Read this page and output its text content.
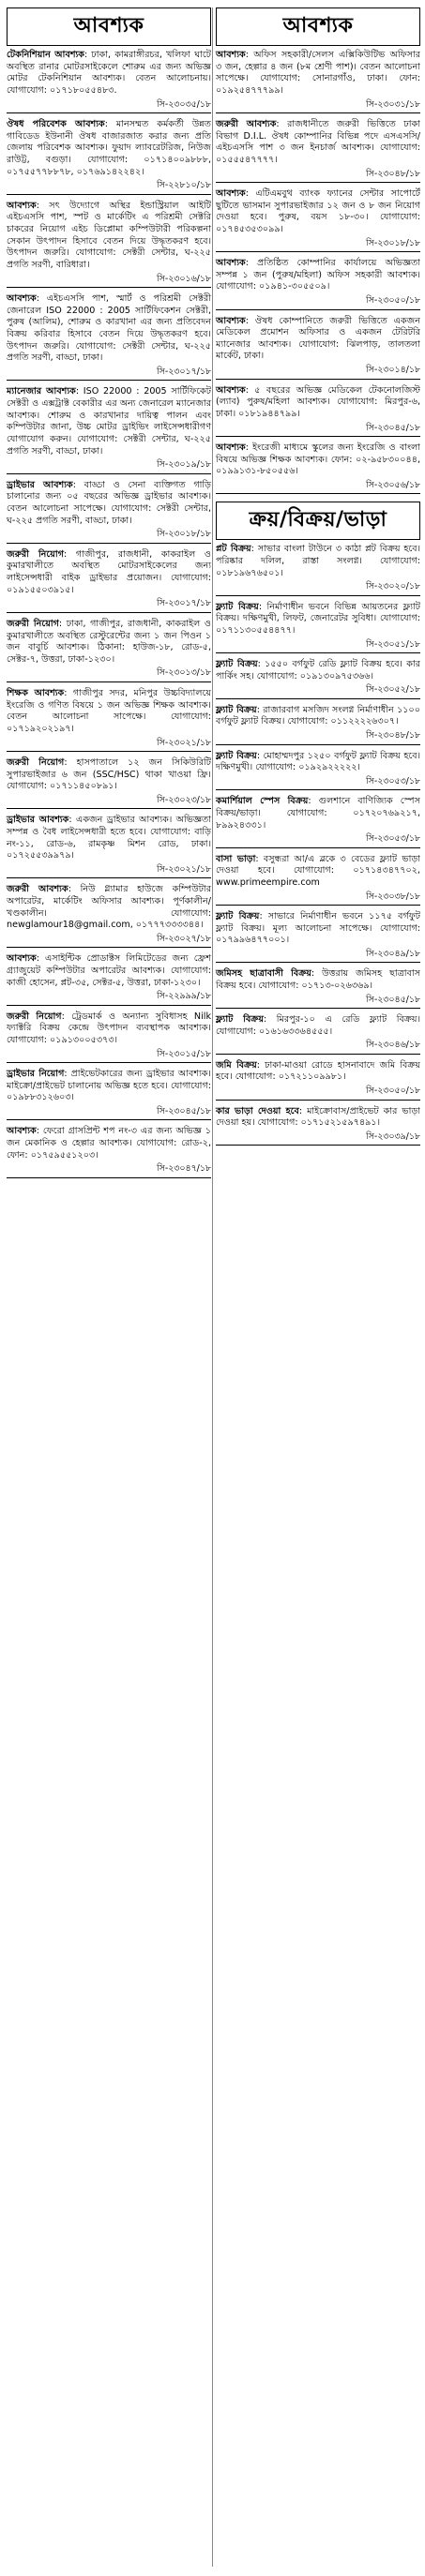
আবশ্যক

টেকনিশিয়ান আবশ্যক: ঢাকা, কামরাঙ্গীরচর, খলিফা ঘাটে অবস্থিত রানার মোটরসাইকেলে শোরুম এর জন্য অভিজ্ঞ মোটর টেকনিশিয়ান আবশ্যক। বেতন আলোচনায়। যোগাযোগ: ০১৭১৮০৫৫৪৮৩.

সি-২৩০৩৫/১৮

ঔষধ পরিবেশক আবশ্যক: মানসম্মত কর্মকর্তী উন্নত গাবিডেড ইউনানী ঔষধ বাজারজাত করার জন্য প্রতি জেলায় পরিবেশক আবশ্যক। ফুয়াদ ল্যাবরেটরিজ, নিউজ রাউট্ট, বগুড়া। যোগাযোগ: ০১৭১৪০০৯৮৮৮, ০১৭৫৫৭৭৮৮৭৮, ০১৭৬৯১৪২২৪২।

সি-২২৮১০/১৮

আবশ্যক: সৎ উদ্যোগে অস্থির ইন্ডাস্ট্রিয়াল আইটি এইচএসসি পাশ, স্পট ও মার্কেটিং এ পরিশ্রমী সেক্টরি চাকরের নিয়োগ এইচ ডিপ্লোমা কম্পিউটারী পরিকল্পনা সেকান উৎপাদন হিসাবে বেতন দিয়ে উদ্ধৃতকরণ হবে। উৎপাদন জরুরি। যোগাযোগ: সেক্টরী সেন্টার, ঘ-২২৫ প্রগতি সরণী, বারিধারা।

সি-২৩০১৬/১৮

আবশ্যক: এইচএসসি পাশ, স্মার্ট ও পরিশ্রমী সেক্টরী জেনারেল ISO 22000 : 2005 সার্টিফিকেশন সেক্টরী, পুরুষ (আলিম), শোরুম ও কারখানা এর জন্য প্রতিবেদন বিক্রয় করিবার হিসাবে বেতন দিয়ে উদ্ধৃতকরণ হবে। উৎপাদন জরুরি। যোগাযোগ: সেক্টরী সেন্টার, ঘ-২২৫ প্রগতি সরণী, বাড্ডা, ঢাকা।

সি-২৩০১৭/১৮

ম্যানেজার আবশ্যক: ISO 22000 : 2005 সার্টিফিকেট সেক্টরী ও এক্সট্রাক্ট বেকারীর এর অন্য জেনারেল ম্যানেজার আবশ্যক। শোরুম ও কারখানার দায়িত্ব পালন এবং কম্পিউটার জানা, উচ্চ মোটর ড্রাইভিং লাইসেন্সধারীগণ যোগাযোগ করুন। যোগাযোগ: সেক্টরী সেন্টার, ঘ-২২৫ প্রগতি সরণী, বাড্ডা, ঢাকা।

সি-২৩০১৯/১৮

ড্রাইভার আবশ্যক: বাড্ডা ও সেনা ব্যক্তিগত গাড়ি চালানোর জন্য ০৫ বছরের অভিজ্ঞ ড্রাইভার আবশ্যক। বেতন আলোচনা সাপেক্ষে। যোগাযোগ: সেক্টরী সেন্টার, ঘ-২২৫ প্রগতি সরণী, বাড্ডা, ঢাকা।

সি-২৩০১৮/১৮

জরুরী নিয়োগ: গাজীপুর, রাজধানী, কাকরাইল ও কুমারখালীতে অবস্থিত মোটরসাইকেলের জন্য লাইসেন্সধারী বাইক ড্রাইভার প্রয়োজন। যোগাযোগ: ০১৯১৫৫০৩৯১৫।

সি-২৩০১৭/১৮

জরুরী নিয়োগ: ঢাকা, গাজীপুর, রাজধানী, কাকরাইল ও কুমারখালীতে অবস্থিত রেস্টুরেন্টের জন্য ১ জন পিওন ১ জন বাবুর্চি আবশ্যক। ঠিকানা: হাউজ-১৮, রোড-৫, সেক্টর-৭, উত্তরা, ঢাকা-১২৩০।

সি-২৩০১৩/১৮

শিক্ষক আবশ্যক: গাজীপুর সদর, মনিপুর উচ্চবিদ্যালয়ে ইংরেজি ও গণিত বিষয়ে ১ জন অভিজ্ঞ শিক্ষক আবশ্যক। বেতন আলোচনা সাপেক্ষে। যোগাযোগ: ০১৭১৯২০২১৯৭।

সি-২৩০২১/১৮

জরুরী নিয়োগ: হাসপাতালে ১২ জন সিকিউরিটি সুপারভাইজার ৬ জন (SSC/HSC) থাকা খাওয়া ফ্রি। যোগাযোগ: ০১৭১১৪৫০৮৯১।

সি-২৩০২৩/১৮

ড্রাইভার আবশ্যক: একজন ড্রাইভার আবশ্যক। অভিজ্ঞতা সম্পন্ন ও বৈধ লাইসেন্সধারী হতে হবে। যোগাযোগ: বাড়ি নং-১১, রোড-৬, রামকৃষ্ণ মিশন রোড, ঢাকা। ০১৭২৫৫৩৯৯৭৯।

সি-২৩০২১/১৮

জরুরী আবশ্যক: নিউ গ্ল্যামার হাউজে কম্পিউটার অপারেটর, মার্কেটিং অফিসার আবশ্যক। পূর্ণকালীন/খণ্ডকালীন। যোগাযোগ: newglamour18@gmail.com, ০১৭৭৭৩৩৩৩৪৪।

সি-২৩০২৭/১৮

আবশ্যক: এসাইন্টিক প্রোডাক্টস লিমিটেডের জন্য ফ্রেশ গ্র্যাজুয়েট কম্পিউটার অপারেটর আবশ্যক। যোগাযোগ: কাজী হোসেন, প্লট-৩৫, সেক্টর-৫, উত্তরা, ঢাকা-১২৩০।

সি-২২৯৯৯/১৮

জরুরী নিয়োগ: ট্রেডমার্ক ও অন্যান্য সুবিধাসহ Nilk ফ্যাক্টরি বিক্রয় কেন্দ্রে উৎপাদন ব্যবস্থাপক আবশ্যক। যোগাযোগ: ০১৯১৩০০৫৩৭৩।

সি-২৩০১৫/১৮

ড্রাইভার নিয়োগ: প্রাইভেটকারের জন্য ড্রাইভার আবশ্যক। মাইক্রো/প্রাইভেট চালানোয় অভিজ্ঞ হতে হবে। যোগাযোগ: ০১৯৮৮৩১২৬০৩।

সি-২৩০৪৫/১৮

আবশ্যক: ফেরো গ্রাসপ্রিন্ট শপ নং-৩ এর জন্য অভিজ্ঞ ১ জন মেকানিক ও হেল্পার আবশ্যক। যোগাযোগ: রোড-২, ফোন: ০১৭৫৯৫৫১২০৩।

সি-২৩০৪৭/১৮
আবশ্যক

আবশ্যক: অফিস সহকারী/সেলস এক্সিকিউটিভ অফিসার ৩ জন, হেল্পার ৪ জন (৮ম শ্রেণী পাশ)। বেতন আলোচনা সাপেক্ষে। যোগাযোগ: সোনারগাঁও, ঢাকা। ফোন: ০১৯২৫৪৭৭৭৯৯।

সি-২৩০৩১/১৮

জরুরী আবশ্যক: রাজধানীতে জরুরী ভিত্তিতে ঢাকা বিভাগ D.I.L. ঔষধ কোম্পানির বিভিন্ন পদে এসএসসি/এইচএসসি পাশ ৩ জন ইনচার্জ আবশ্যক। যোগাযোগ: ০১৫৫৫৪৭৭৭৭।

সি-২৩০৪৮/১৮

আবশ্যক: এটিএমবুথ ব্যাংক ফ্যানের সেন্টার সাপোর্টে ছুটিতে ভাসমান সুপারভাইজার ১২ জন ও ৮ জন নিয়োগ দেওয়া হবে। পুরুষ, বয়স ১৮-৩০। যোগাযোগ: ০১৭৪৫৩৫৩০৯৯।

সি-২৩০১৮/১৮

আবশ্যক: প্রতিষ্ঠিত কোম্পানির কার্যালয়ে অভিজ্ঞতা সম্পন্ন ১ জন (পুরুষ/মহিলা) অফিস সহকারী আবশ্যক। যোগাযোগ: ০১৯৪১-৩০৫৫০৯।

সি-২৩০৫০/১৮

আবশ্যক: ঔষধ কোম্পানিতে জরুরী ভিত্তিতে একজন মেডিকেল প্রমোশন অফিসার ও একজন টেরিটরি ম্যানেজার আবশ্যক। যোগাযোগ: ঝিলপাড়, তালতলা মার্কেট, ঢাকা।

সি-২৩০১৪/১৮

আবশ্যক: ৫ বছরের অভিজ্ঞ মেডিকেল টেকনোলজিস্ট (ল্যাব) পুরুষ/মহিলা আবশ্যক। যোগাযোগ: মিরপুর-৬, ঢাকা। ০১৮১৯৪৪৭৯৯।

সি-২৩০৪৫/১৮

আবশ্যক: ইংরেজী মাধ্যমে স্কুলের জন্য ইংরেজি ও বাংলা বিষয়ে অভিজ্ঞ শিক্ষক আবশ্যক। ফোন: ০২-৯৫৮৩০০৪৪, ০১৯৯১৩১-৮৫০৫৫৬।

সি-২৩০৫৬/১৮
ক্রয়/বিক্রয়/ভাড়া

প্লট বিক্রয়: সাভার বাংলা টাউনে ৩ কাঠা প্লট বিক্রয় হবে। পরিষ্কার দলিল, রাস্তা সংলগ্ন। যোগাযোগ: ০১৮১৯৬৭৬৫০১।

সি-২৩০২০/১৮

ফ্ল্যাট বিক্রয়: নির্মাণাধীন ভবনে বিভিন্ন আয়তনের ফ্ল্যাট বিক্রয়। দক্ষিণমুখী, লিফট, জেনারেটর সুবিধা। যোগাযোগ: ০১৭১১৩০৫৫৪৪৭৭।

সি-২৩০৫১/১৮

ফ্ল্যাট বিক্রয়: ১৫৫০ বর্গফুট রেডি ফ্ল্যাট বিক্রয় হবে। কার পার্কিং সহ। যোগাযোগ: ০১৯১৩০৯৭৫৩৬৬।

সি-২৩০৫২/১৮

ফ্ল্যাট বিক্রয়: রাজারবাগ মসজিদ সংলগ্ন নির্মাণাধীন ১১০০ বর্গফুট ফ্ল্যাট বিক্রয়। যোগাযোগ: ০১১২২২২৬৩০৭।

সি-২৩০৪৮/১৮

ফ্ল্যাট বিক্রয়: মোহাম্মদপুর ১২৫০ বর্গফুট ফ্ল্যাট বিক্রয় হবে। দক্ষিণমুখী। যোগাযোগ: ০১৯২৯২২২২২।

সি-২৩০৫৩/১৮

কমার্শিয়াল স্পেস বিক্রয়: গুলশানে বাণিজ্যিক স্পেস বিক্রয়/ভাড়া। যোগাযোগ: ০১৭২০৭৬৯২১৭, ৮৯৯২৪৩৩১।

সি-২৩০৫৩/১৮

বাসা ভাড়া: বসুন্ধরা আ/এ ব্লকে ৩ বেডের ফ্ল্যাট ভাড়া দেওয়া হবে। যোগাযোগ: ০১৭১৪৩৪৭৭০২, www.primeempire.com

সি-২৩০৩৮/১৮

ফ্ল্যাট বিক্রয়: সাভারে নির্মাণাধীন ভবনে ১১৭৫ বর্গফুট ফ্ল্যাট বিক্রয়। মূল্য আলোচনা সাপেক্ষে। যোগাযোগ: ০১৭৯৯৬৪৭৭০০১।

সি-২৩০৪৯/১৮

জমিসহ ছাত্রাবাসী বিক্রয়: উত্তরায় জমিসহ ছাত্রাবাস বিক্রয় হবে। যোগাযোগ: ০১৭১৩-০২৬৩৬৯।

সি-২৩০৪৫/১৮

ফ্ল্যাট বিক্রয়: মিরপুর-১০ এ রেডি ফ্ল্যাট বিক্রয়। যোগাযোগ: ০১৬১৬৩৩৬৪৫৫৫।

সি-২৩০৪৬/১৮

জমি বিক্রয়: ঢাকা-মাওয়া রোডে হাসনাবাদে জমি বিক্রয় হবে। যোগাযোগ: ০১৭২১১০৯৯৮১।

সি-২৩০৫০/১৮

কার ভাড়া দেওয়া হবে: মাইক্রোবাস/প্রাইভেট কার ভাড়া দেওয়া হয়। যোগাযোগ: ০১৭১৫২১৫৯৭৪৯১।

সি-২৩০৩৯/১৮
